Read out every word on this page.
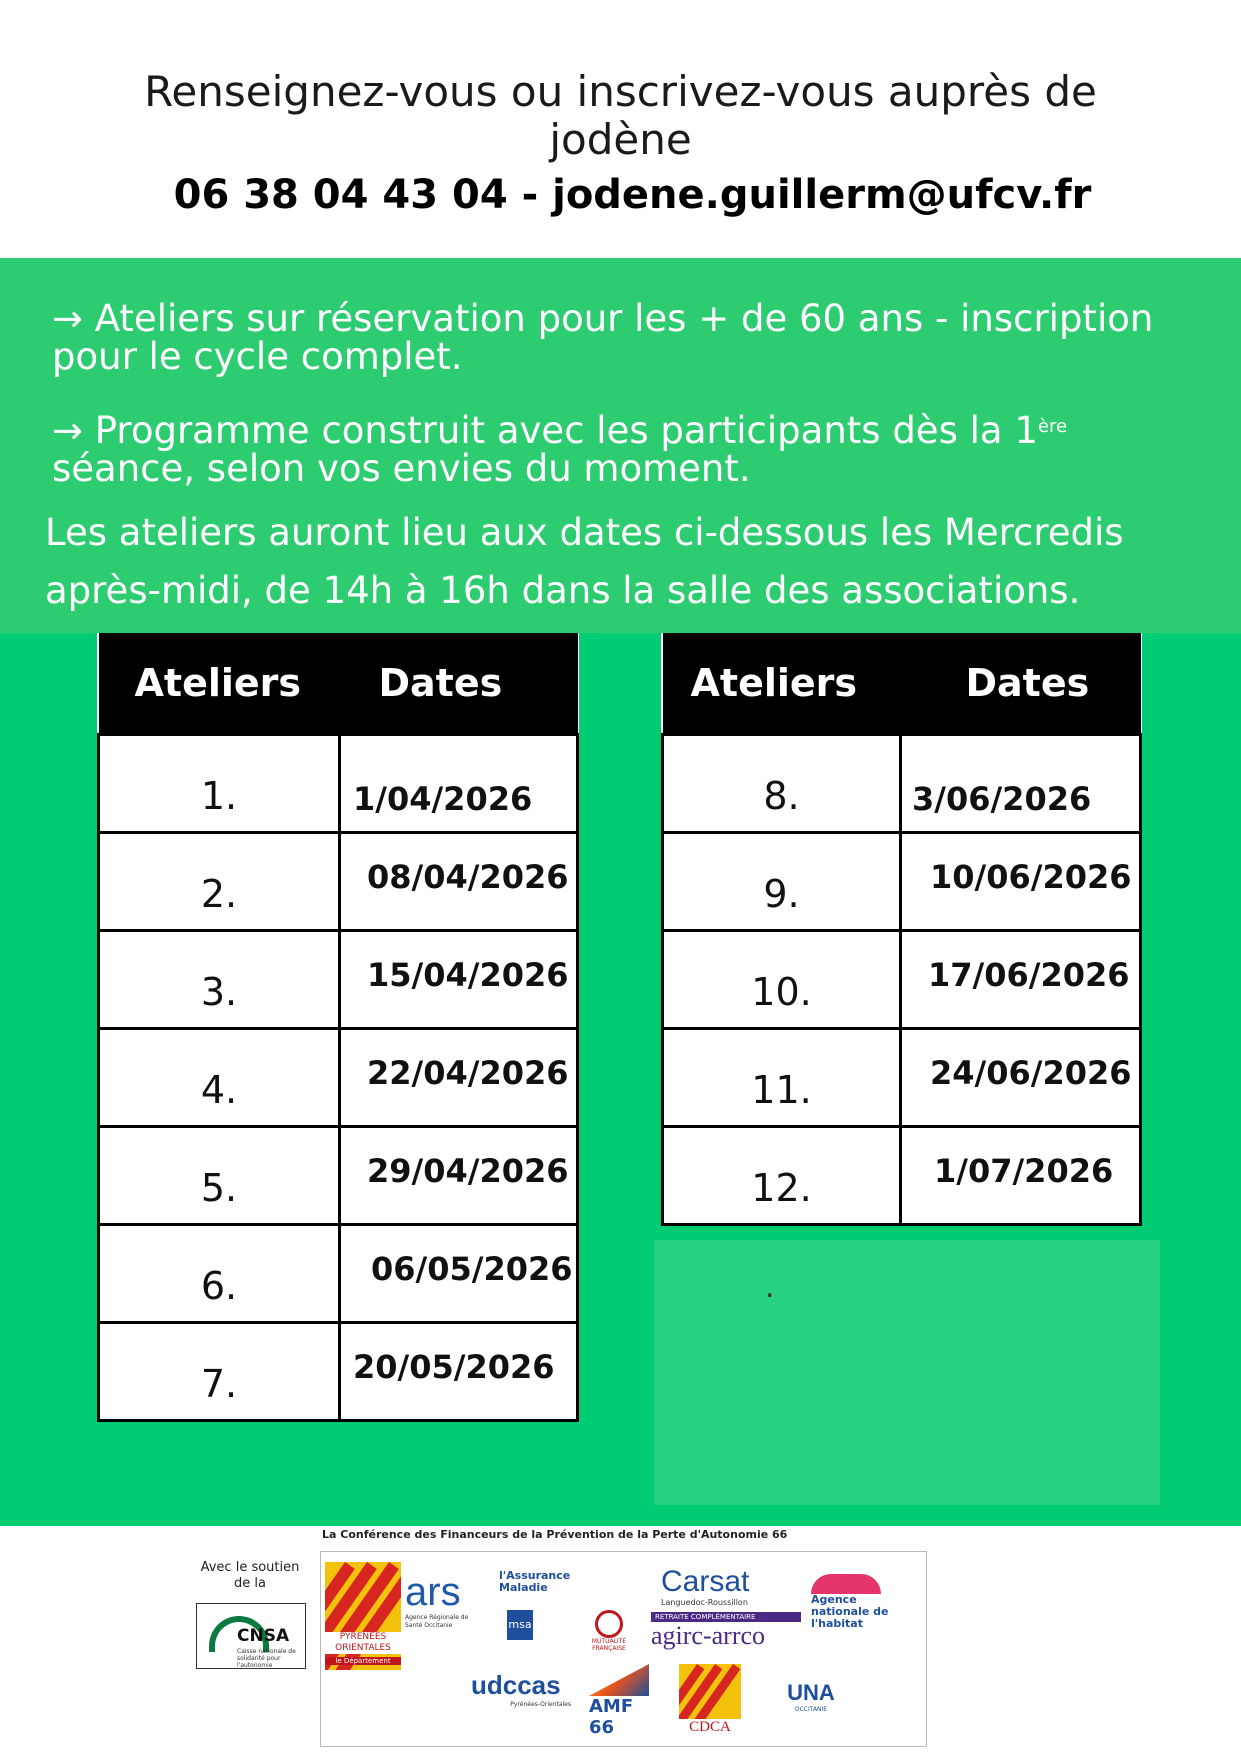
Renseignez-vous ou inscrivez-vous auprès de
jodène
06 38 04 43 04 - jodene.guillerm@ufcv.fr
→ Ateliers sur réservation pour les + de 60 ans - inscription
pour le cycle complet.
→ Programme construit avec les participants dès la 1ère
séance, selon vos envies du moment.
Les ateliers auront lieu aux dates ci-dessous les Mercredis
après-midi, de 14h à 16h dans la salle des associations.
Ateliers	Dates
1.	1/04/2026

2.	08/04/2026

3.	15/04/2026

4.	22/04/2026

5.	29/04/2026

6.	06/05/2026

7.	20/05/2026
Ateliers	Dates
8.	3/06/2026

9.	10/06/2026

10.	17/06/2026

11.	24/06/2026

12.	1/07/2026
.
La Conférence des Financeurs de la Prévention de la Perte d'Autonomie 66
Avec le soutien de la
CNSA
Caisse nationale de solidarité pour l'autonomie
PYRENEES ORIENTALES
le Département
ars
Agence Régionale de Santé Occitanie
l'Assurance Maladie
msa
MUTUALITÉ FRANÇAISE
Carsat
Languedoc-Roussillon
RETRAITE COMPLÉMENTAIRE
agirc-arrco
Agence nationale de l'habitat
udccas
Pyrénées-Orientales AMF 66	CDCA
UNA
OCCITANIE
